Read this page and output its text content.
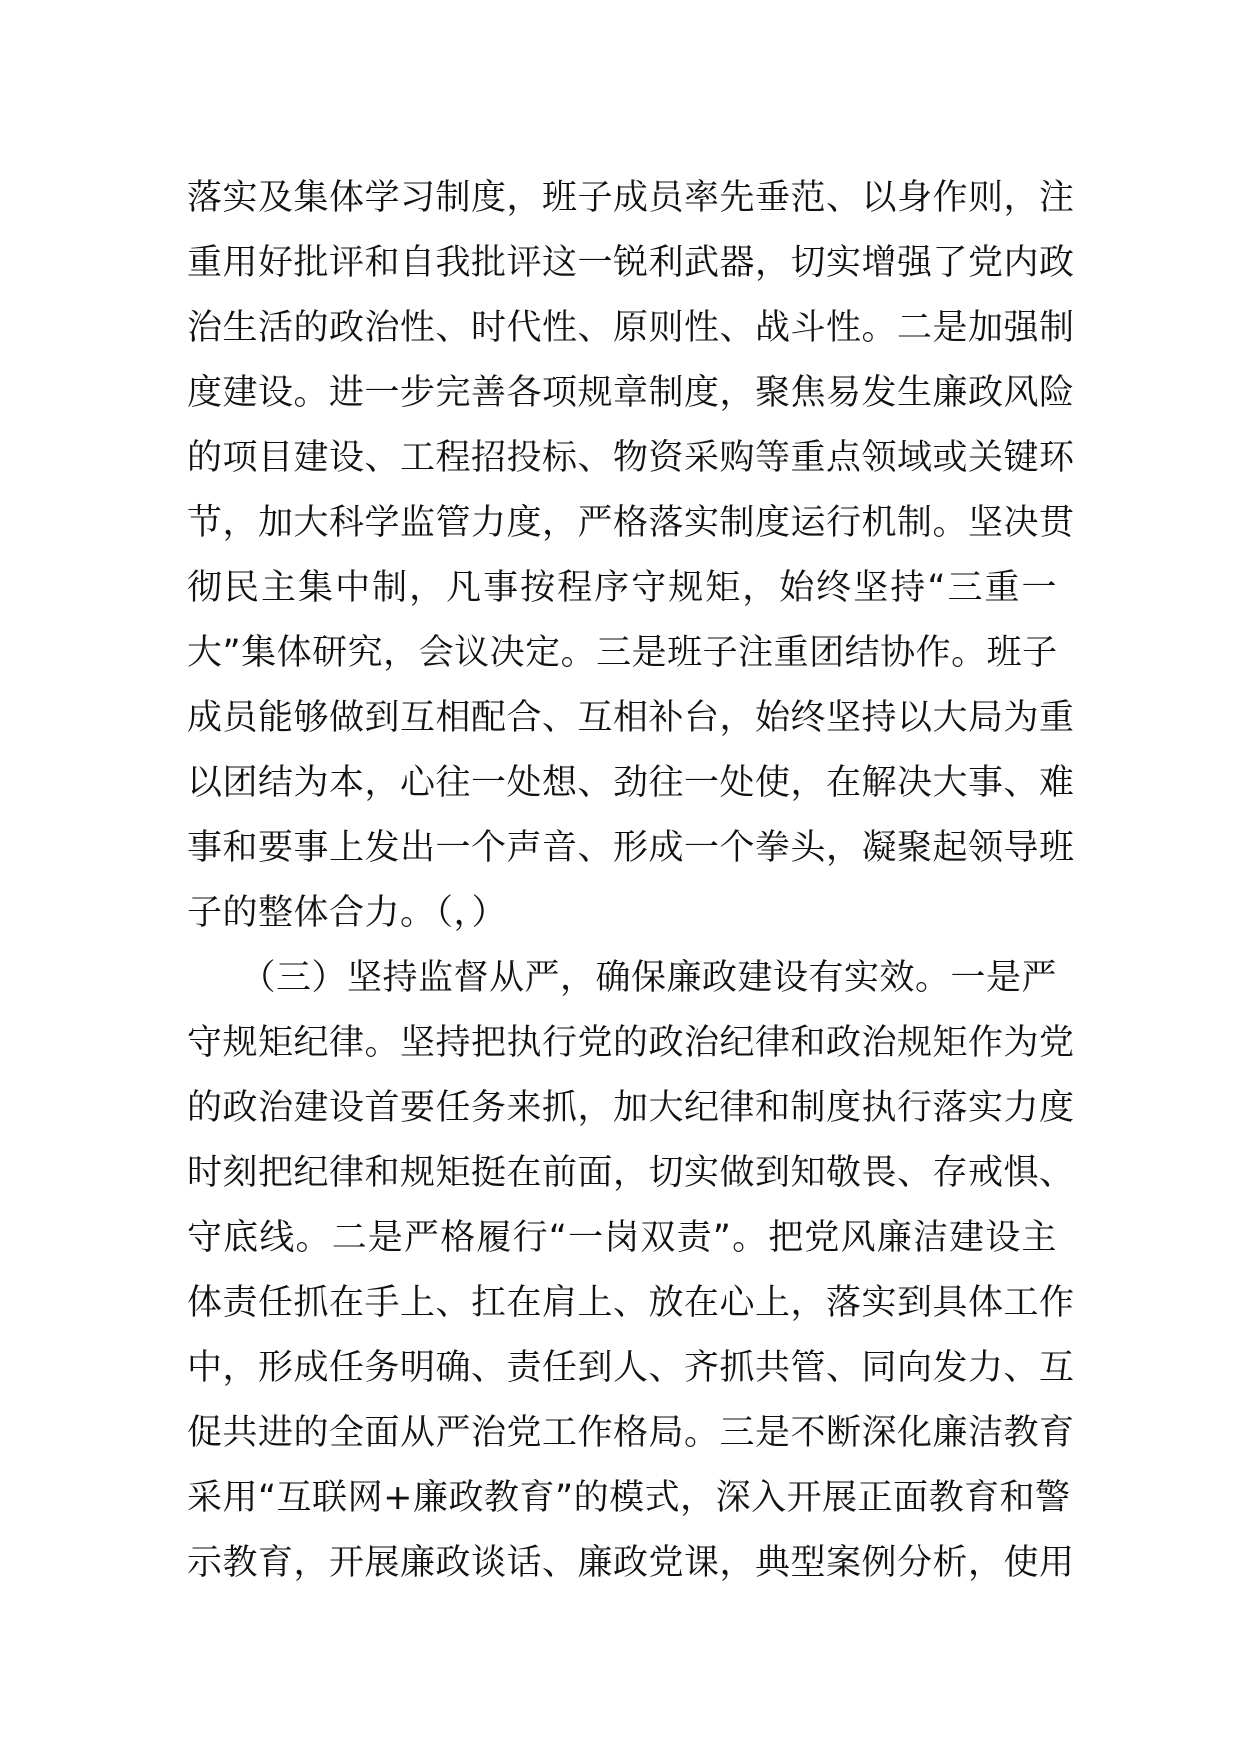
落实及集体学习制度，班子成员率先垂范、以身作则，注
重用好批评和自我批评这一锐利武器，切实增强了党内政
治生活的政治性、时代性、原则性、战斗性。二是加强制
度建设。进一步完善各项规章制度，聚焦易发生廉政风险
的项目建设、工程招投标、物资采购等重点领域或关键环
节，加大科学监管力度，严格落实制度运行机制。坚决贯
彻民主集中制，凡事按程序守规矩，始终坚持“三重一
大”集体研究，会议决定。三是班子注重团结协作。班子
成员能够做到互相配合、互相补台，始终坚持以大局为重
以团结为本，心往一处想、劲往一处使，在解决大事、难
事和要事上发出一个声音、形成一个拳头，凝聚起领导班
子的整体合力。（，）
　　（三）坚持监督从严，确保廉政建设有实效。一是严
守规矩纪律。坚持把执行党的政治纪律和政治规矩作为党
的政治建设首要任务来抓，加大纪律和制度执行落实力度
时刻把纪律和规矩挺在前面，切实做到知敬畏、存戒惧、
守底线。二是严格履行“一岗双责”。把党风廉洁建设主
体责任抓在手上、扛在肩上、放在心上，落实到具体工作
中，形成任务明确、责任到人、齐抓共管、同向发力、互
促共进的全面从严治党工作格局。三是不断深化廉洁教育
采用“互联网+廉政教育”的模式，深入开展正面教育和警
示教育，开展廉政谈话、廉政党课，典型案例分析，使用
